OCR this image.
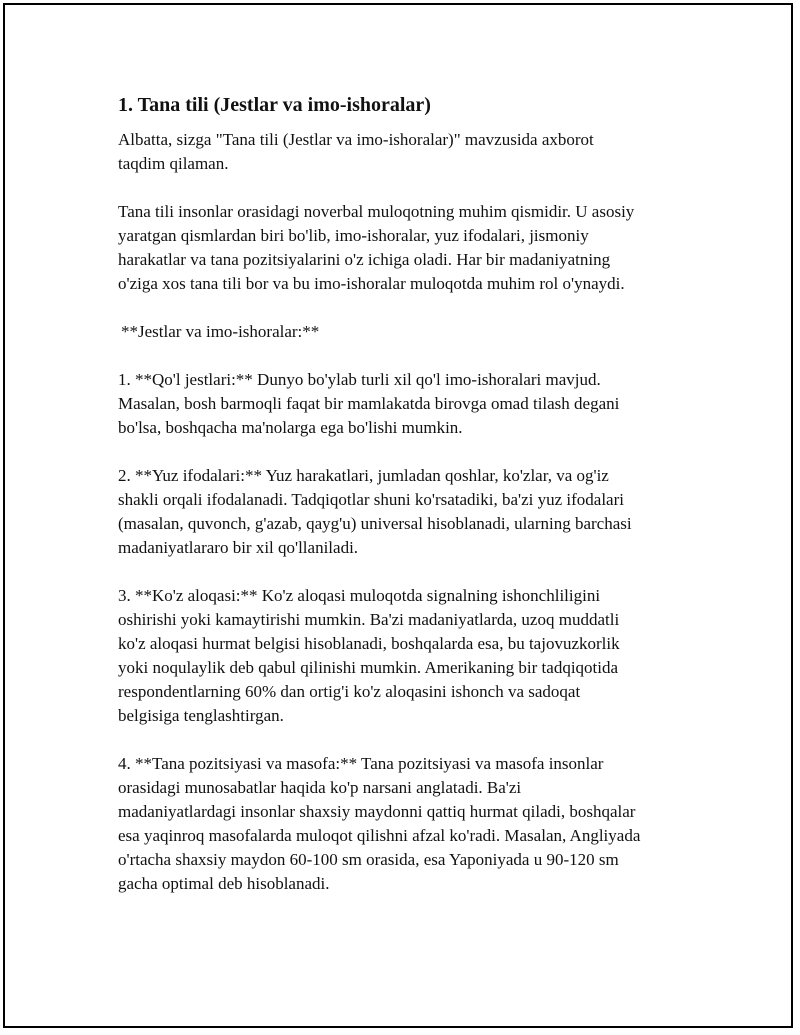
1. Tana tili (Jestlar va imo-ishoralar)

Albatta, sizga "Tana tili (Jestlar va imo-ishoralar)" mavzusida axborot
taqdim qilaman.

Tana tili insonlar orasidagi noverbal muloqotning muhim qismidir. U asosiy
yaratgan qismlardan biri bo'lib, imo-ishoralar, yuz ifodalari, jismoniy
harakatlar va tana pozitsiyalarini o'z ichiga oladi. Har bir madaniyatning
o'ziga xos tana tili bor va bu imo-ishoralar muloqotda muhim rol o'ynaydi.

**Jestlar va imo-ishoralar:**

1. **Qo'l jestlari:** Dunyo bo'ylab turli xil qo'l imo-ishoralari mavjud.
Masalan, bosh barmoqli faqat bir mamlakatda birovga omad tilash degani
bo'lsa, boshqacha ma'nolarga ega bo'lishi mumkin.

2. **Yuz ifodalari:** Yuz harakatlari, jumladan qoshlar, ko'zlar, va og'iz
shakli orqali ifodalanadi. Tadqiqotlar shuni ko'rsatadiki, ba'zi yuz ifodalari
(masalan, quvonch, g'azab, qayg'u) universal hisoblanadi, ularning barchasi
madaniyatlararo bir xil qo'llaniladi.

3. **Ko'z aloqasi:** Ko'z aloqasi muloqotda signalning ishonchliligini
oshirishi yoki kamaytirishi mumkin. Ba'zi madaniyatlarda, uzoq muddatli
ko'z aloqasi hurmat belgisi hisoblanadi, boshqalarda esa, bu tajovuzkorlik
yoki noqulaylik deb qabul qilinishi mumkin. Amerikaning bir tadqiqotida
respondentlarning 60% dan ortig'i ko'z aloqasini ishonch va sadoqat
belgisiga tenglashtirgan.

4. **Tana pozitsiyasi va masofa:** Tana pozitsiyasi va masofa insonlar
orasidagi munosabatlar haqida ko'p narsani anglatadi. Ba'zi
madaniyatlardagi insonlar shaxsiy maydonni qattiq hurmat qiladi, boshqalar
esa yaqinroq masofalarda muloqot qilishni afzal ko'radi. Masalan, Angliyada
o'rtacha shaxsiy maydon 60-100 sm orasida, esa Yaponiyada u 90-120 sm
gacha optimal deb hisoblanadi.
